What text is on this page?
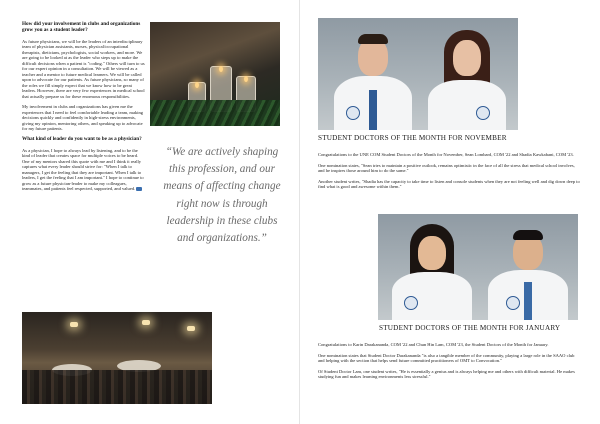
How did your involvement in clubs and organizations grow you as a student leader?

As future physicians, we will be the leaders of an interdisciplinary team of physician assistants, nurses, physical/occupational therapists, dieticians, psychologists, social workers, and more. We are going to be looked at as the leader who steps up to make the difficult decisions when a patient is "coding." Others will turn to us for our expert opinion in a consultation. We will be viewed as a teacher and a mentor to future medical learners. We will be called upon to advocate for our patients. As future physicians, so many of the roles we fill simply expect that we know how to be great leaders. However, there are very few experiences in medical school that actually prepare us for these enormous responsibilities.

My involvement in clubs and organizations has given me the experiences that I need to feel comfortable leading a team, making decisions quickly and confidently in high-stress environments, giving my opinion, mentoring others, and speaking up to advocate for my future patients.

What kind of leader do you want to be as a physician?

As a physician, I hope to always lead by listening, and to be the kind of leader that creates space for multiple voices to be heard. One of my mentors shared this quote with me and I think it really captures what every leader should strive for: "When I talk to managers, I get the feeling that they are important. When I talk to leaders, I get the feeling that I am important." I hope to continue to grow as a future physician-leader to make my colleagues, teammates, and patients feel respected, supported, and valued.

“We are actively shaping this profession, and our means of affecting change right now is through leadership in these clubs and organizations.”
STUDENT DOCTORS OF THE MONTH FOR NOVEMBER

Congratulations to the UNE COM Student Doctors of the Month for November, Sean Lombard, COM '22 and Shadia Kawkabani, COM '23.

One nomination states, "Sean tries to maintain a positive outlook, remains optimistic in the face of all the stress that medical school involves, and he inspires those around him to do the same."

Another student writes, "Shadia has the capacity to take time to listen and console students when they are not feeling well and dig down deep to find what is good and awesome within them."

STUDENT DOCTORS OF THE MONTH FOR JANUARY

Congratulations to Karin Darakananda, COM '22 and Chun Hin Lam, COM '23, the Student Doctors of the Month for January.

One nomination states that Student Doctor Darakananda "is also a tangible member of the community, playing a large role in the SAAO club and helping with the section that helps send future committed practitioners of OMT to Convocation."

Of Student Doctor Lam, one student writes, "He is essentially a genius and is always helping me and others with difficult material. He makes studying fun and makes learning environments less stressful."
